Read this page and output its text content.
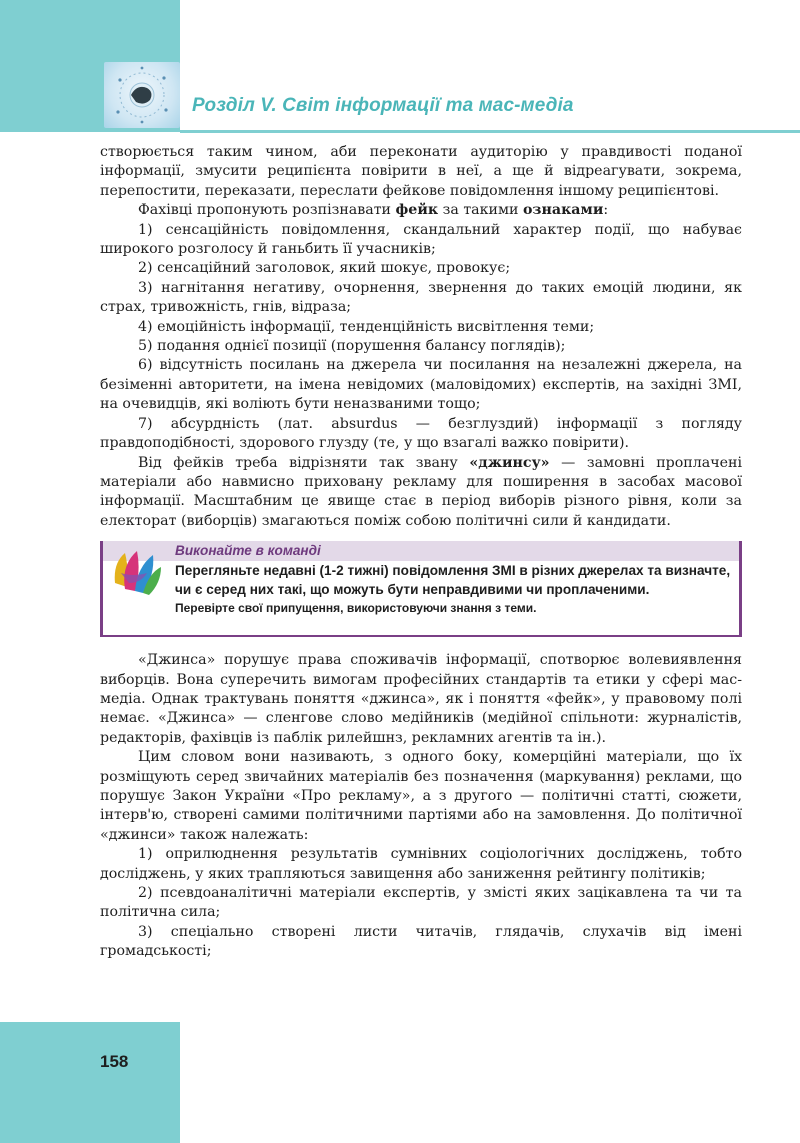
Розділ V. Світ інформації та мас-медіа

створюється таким чином, аби переконати аудиторію у правдивості поданої інформації, змусити реципієнта повірити в неї, а ще й відреагувати, зокрема, перепостити, переказати, переслати фейкове повідомлення іншому реципієнтові.

Фахівці пропонують розпізнавати фейк за такими ознаками:

1) сенсаційність повідомлення, скандальний характер події, що набуває широкого розголосу й ганьбить її учасників;

2) сенсаційний заголовок, який шокує, провокує;

3) нагнітання негативу, очорнення, звернення до таких емоцій людини, як страх, тривожність, гнів, відраза;

4) емоційність інформації, тенденційність висвітлення теми;

5) подання однієї позиції (порушення балансу поглядів);

6) відсутність посилань на джерела чи посилання на незалежні джерела, на безіменні авторитети, на імена невідомих (маловідомих) експертів, на західні ЗМІ, на очевидців, які воліють бути неназваними тощо;

7) абсурдність (лат. absurdus — безглуздий) інформації з погляду правдоподібності, здорового глузду (те, у що взагалі важко повірити).

Від фейків треба відрізняти так звану «джинсу» — замовні проплачені матеріали або навмисно приховану рекламу для поширення в засобах масової інформації. Масштабним це явище стає в період виборів різного рівня, коли за електорат (виборців) змагаються поміж собою політичні сили й кандидати.

Виконайте в команді
Перегляньте недавні (1-2 тижні) повідомлення ЗМІ в різних джерелах та визначте, чи є серед них такі, що можуть бути неправдивими чи проплаченими.
Перевірте свої припущення, використовуючи знання з теми.

«Джинса» порушує права споживачів інформації, спотворює волевиявлення виборців. Вона суперечить вимогам професійних стандартів та етики у сфері мас-медіа. Однак трактувань поняття «джинса», як і поняття «фейк», у правовому полі немає. «Джинса» — сленгове слово медійників (медійної спільноти: журналістів, редакторів, фахівців із паблік рилейшнз, рекламних агентів та ін.).

Цим словом вони називають, з одного боку, комерційні матеріали, що їх розміщують серед звичайних матеріалів без позначення (маркування) реклами, що порушує Закон України «Про рекламу», а з другого — політичні статті, сюжети, інтерв'ю, створені самими політичними партіями або на замовлення. До політичної «джинси» також належать:

1) оприлюднення результатів сумнівних соціологічних досліджень, тобто досліджень, у яких трапляються завищення або заниження рейтингу політиків;

2) псевдоаналітичні матеріали експертів, у змісті яких зацікавлена та чи та політична сила;

3) спеціально створені листи читачів, глядачів, слухачів від імені громадськості;

158
